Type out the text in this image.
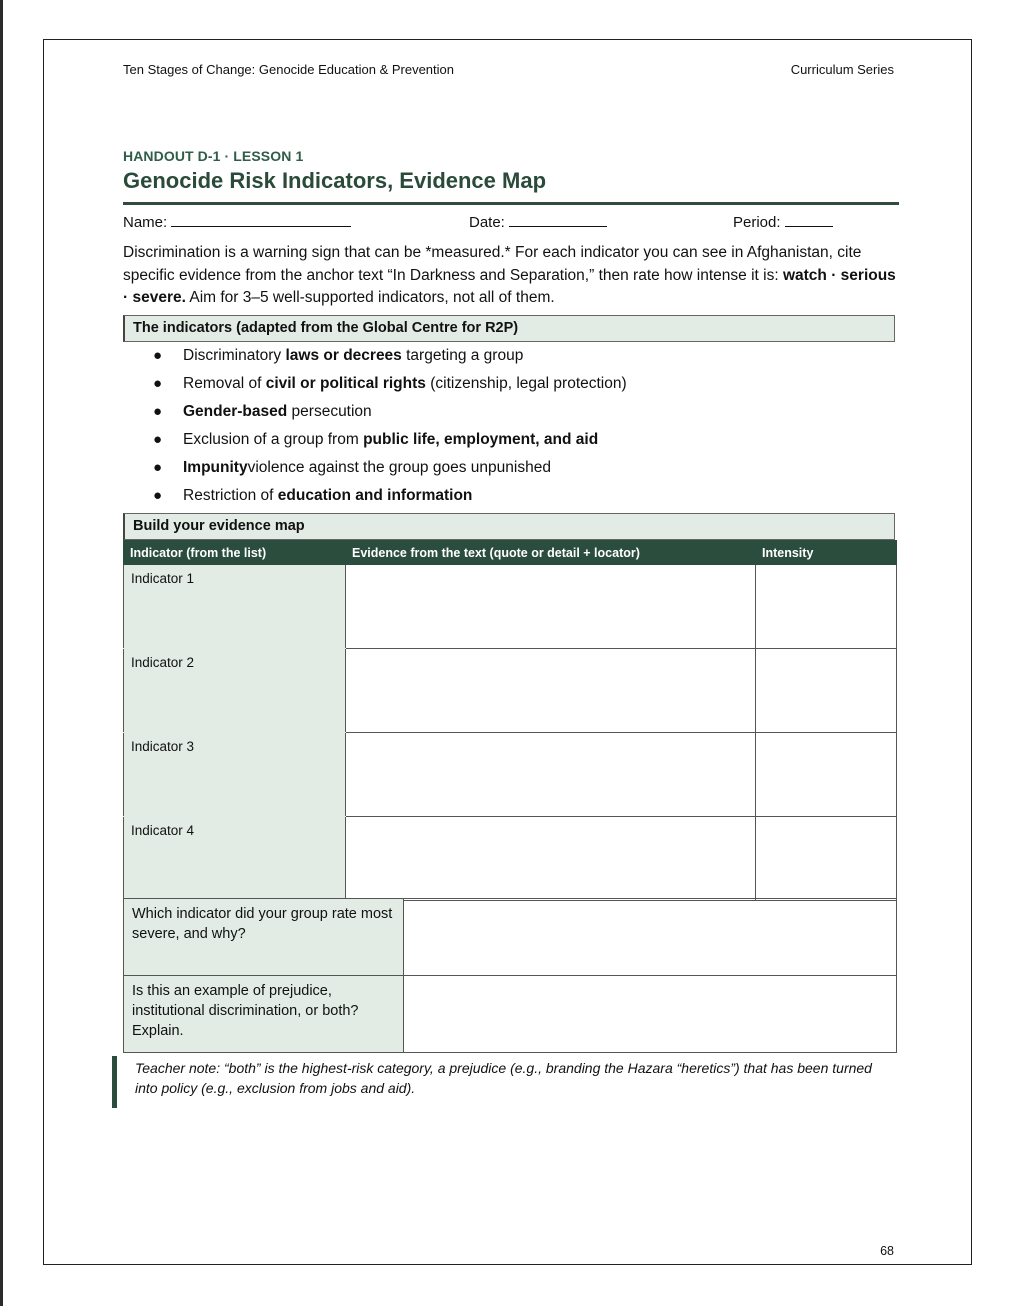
Ten Stages of Change: Genocide Education & Prevention	Curriculum Series
HANDOUT D-1 · LESSON 1
Genocide Risk Indicators, Evidence Map
Name:	Date:	Period:

Discrimination is a warning sign that can be *measured.* For each indicator you can see in Afghanistan, cite specific evidence from the anchor text “In Darkness and Separation,” then rate how intense it is: watch · serious · severe. Aim for 3–5 well-supported indicators, not all of them.

The indicators (adapted from the Global Centre for R2P)
● Discriminatory laws or decrees targeting a group
● Removal of civil or political rights (citizenship, legal protection)
● Gender-based persecution
● Exclusion of a group from public life, employment, and aid
● Impunityviolence against the group goes unpunished
● Restriction of education and information
Build your evidence map
Indicator (from the list)	Evidence from the text (quote or detail + locator)	Intensity
Indicator 1		
Indicator 2		
Indicator 3		
Indicator 4		
Which indicator did your group rate most severe, and why?	
Is this an example of prejudice, institutional discrimination, or both? Explain.	
Teacher note: “both” is the highest-risk category, a prejudice (e.g., branding the Hazara “heretics”) that has been turned into policy (e.g., exclusion from jobs and aid).
68
